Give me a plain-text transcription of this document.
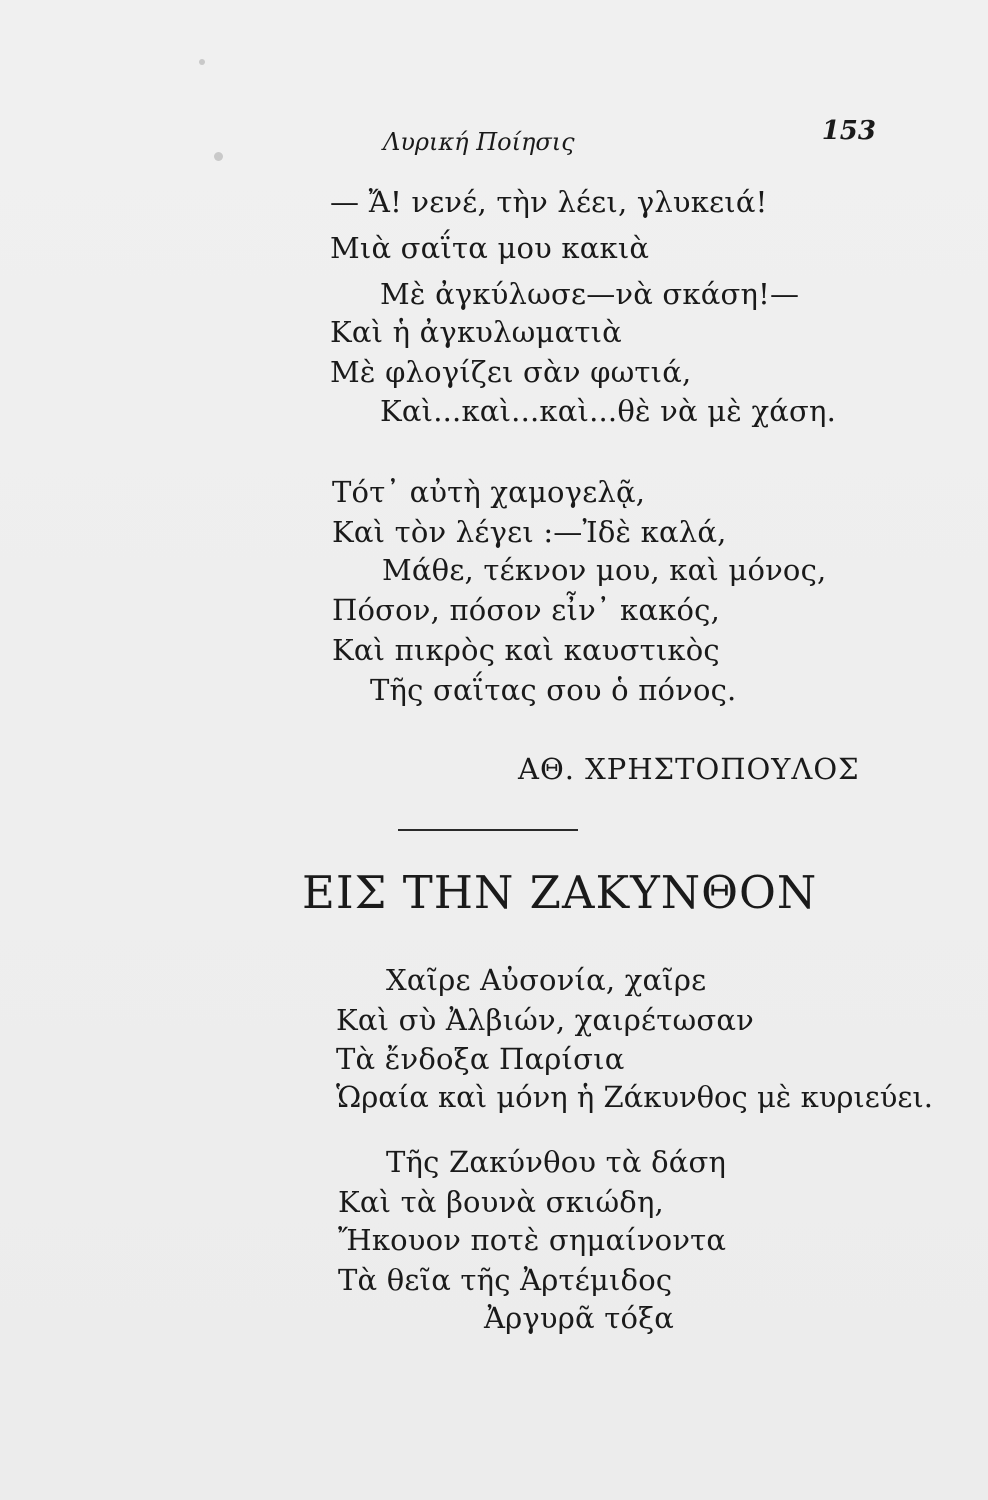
Λυρική Ποίησις	153
— Ἄ! νενέ, τὴν λέει, γλυκειά!
Μιὰ σαΐτα μου κακιὰ
Μὲ ἀγκύλωσε—νὰ σκάση!—
Καὶ ἡ ἀγκυλωματιὰ
Μὲ φλογίζει σὰν φωτιά,
Καὶ...καὶ...καὶ...θὲ νὰ μὲ χάση.
Τότ᾽ αὐτὴ χαμογελᾷ,
Καὶ τὸν λέγει :—Ἰδὲ καλά,
Μάθε, τέκνον μου, καὶ μόνος,
Πόσον, πόσον εἶν᾽ κακός,
Καὶ πικρὸς καὶ καυστικὸς
Τῆς σαΐτας σου ὁ πόνος.
ΑΘ. ΧΡΗΣΤΟΠΟΥΛΟΣ
ΕΙΣ ΤΗΝ ΖΑΚΥΝΘΟΝ
Χαῖρε Αὐσονία, χαῖρε
Καὶ σὺ Ἀλβιών, χαιρέτωσαν
Τὰ ἔνδοξα Παρίσια
Ὡραία καὶ μόνη ἡ Ζάκυνθος μὲ κυριεύει.
Τῆς Ζακύνθου τὰ δάση
Καὶ τὰ βουνὰ σκιώδη,
Ἤκουον ποτὲ σημαίνοντα
Τὰ θεῖα τῆς Ἀρτέμιδος
Ἀργυρᾶ τόξα
